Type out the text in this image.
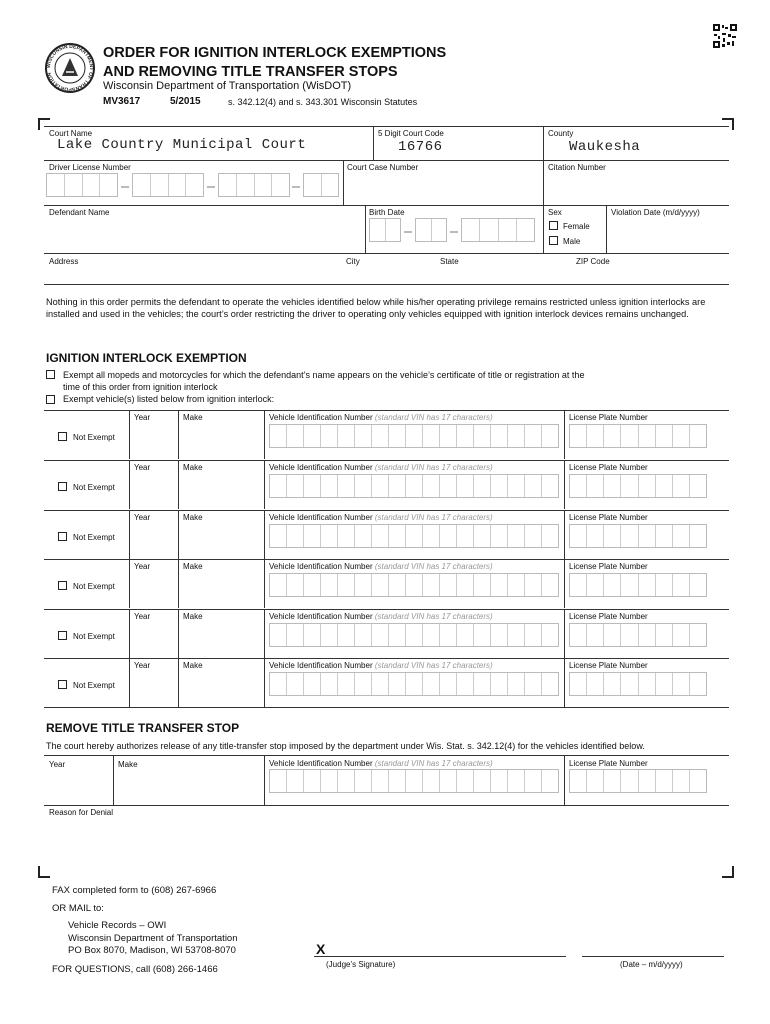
WISCONSIN DEPARTMENT OF TRANSPORTATION
ORDER FOR IGNITION INTERLOCK EXEMPTIONS
AND REMOVING TITLE TRANSFER STOPS
Wisconsin Department of Transportation (WisDOT)
MV3617	5/2015	s. 342.12(4) and s. 343.301 Wisconsin Statutes
Court Name
Lake Country Municipal Court
5 Digit Court Code
16766
County
Waukesha
Driver License Number	Court Case Number	Citation Number
Defendant Name	Birth Date	Sex
Female
Male
Violation Date (m/d/yyyy)
Address	City	State	ZIP Code
Nothing in this order permits the defendant to operate the vehicles identified below while his/her operating privilege remains restricted unless ignition interlocks are installed and used in the vehicles; the court’s order restricting the driver to operating only vehicles equipped with ignition interlock devices remains unchanged.
IGNITION INTERLOCK EXEMPTION
Exempt all mopeds and motorcycles for which the defendant’s name appears on the vehicle’s certificate of title or registration at the
time of this order from ignition interlock
Exempt vehicle(s) listed below from ignition interlock:
Year	Make	Vehicle Identification Number (standard VIN has 17 characters)	License Plate Number
Not Exempt
Year	Make	Vehicle Identification Number (standard VIN has 17 characters)	License Plate Number
Not Exempt
Year	Make	Vehicle Identification Number (standard VIN has 17 characters)	License Plate Number
Not Exempt
Year	Make	Vehicle Identification Number (standard VIN has 17 characters)	License Plate Number
Not Exempt
Year	Make	Vehicle Identification Number (standard VIN has 17 characters)	License Plate Number
Not Exempt
Year	Make	Vehicle Identification Number (standard VIN has 17 characters)	License Plate Number
Not Exempt
REMOVE TITLE TRANSFER STOP
The court hereby authorizes release of any title-transfer stop imposed by the department under Wis. Stat. s. 342.12(4) for the vehicles identified below.
Year	Make	Vehicle Identification Number (standard VIN has 17 characters)	License Plate Number
Reason for Denial
FAX completed form to (608) 267-6966
OR MAIL to:
Vehicle Records – OWI
Wisconsin Department of Transportation
PO Box 8070, Madison, WI 53708-8070
FOR QUESTIONS, call (608) 266-1466
X
(Judge’s Signature)	(Date – m/d/yyyy)
